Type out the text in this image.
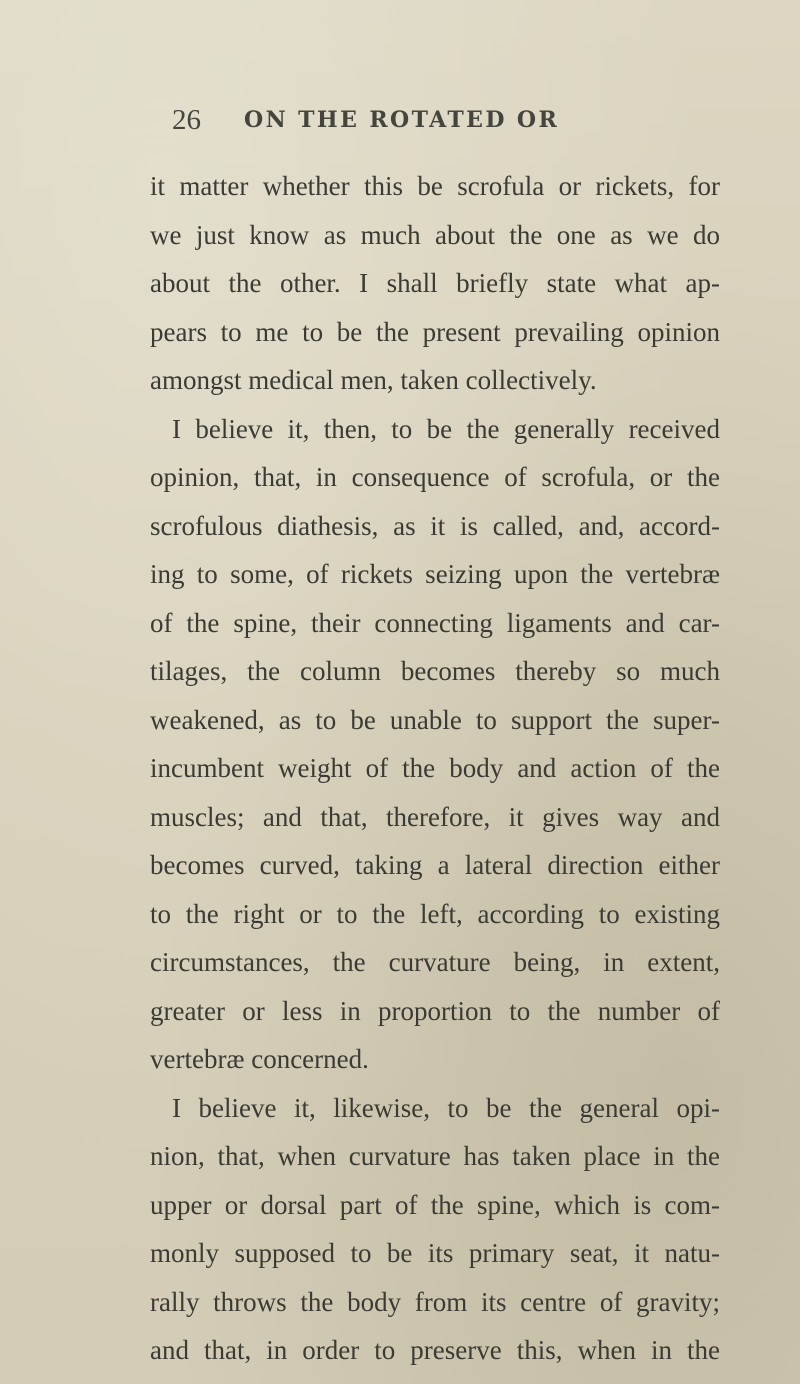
26 ON THE ROTATED OR
it matter whether this be scrofula or rickets, for
we just know as much about the one as we do
about the other. I shall briefly state what ap-
pears to me to be the present prevailing opinion
amongst medical men, taken collectively.
I believe it, then, to be the generally received
opinion, that, in consequence of scrofula, or the
scrofulous diathesis, as it is called, and, accord-
ing to some, of rickets seizing upon the vertebræ
of the spine, their connecting ligaments and car-
tilages, the column becomes thereby so much
weakened, as to be unable to support the super-
incumbent weight of the body and action of the
muscles; and that, therefore, it gives way and
becomes curved, taking a lateral direction either
to the right or to the left, according to existing
circumstances, the curvature being, in extent,
greater or less in proportion to the number of
vertebræ concerned.
I believe it, likewise, to be the general opi-
nion, that, when curvature has taken place in the
upper or dorsal part of the spine, which is com-
monly supposed to be its primary seat, it natu-
rally throws the body from its centre of gravity;
and that, in order to preserve this, when in the
